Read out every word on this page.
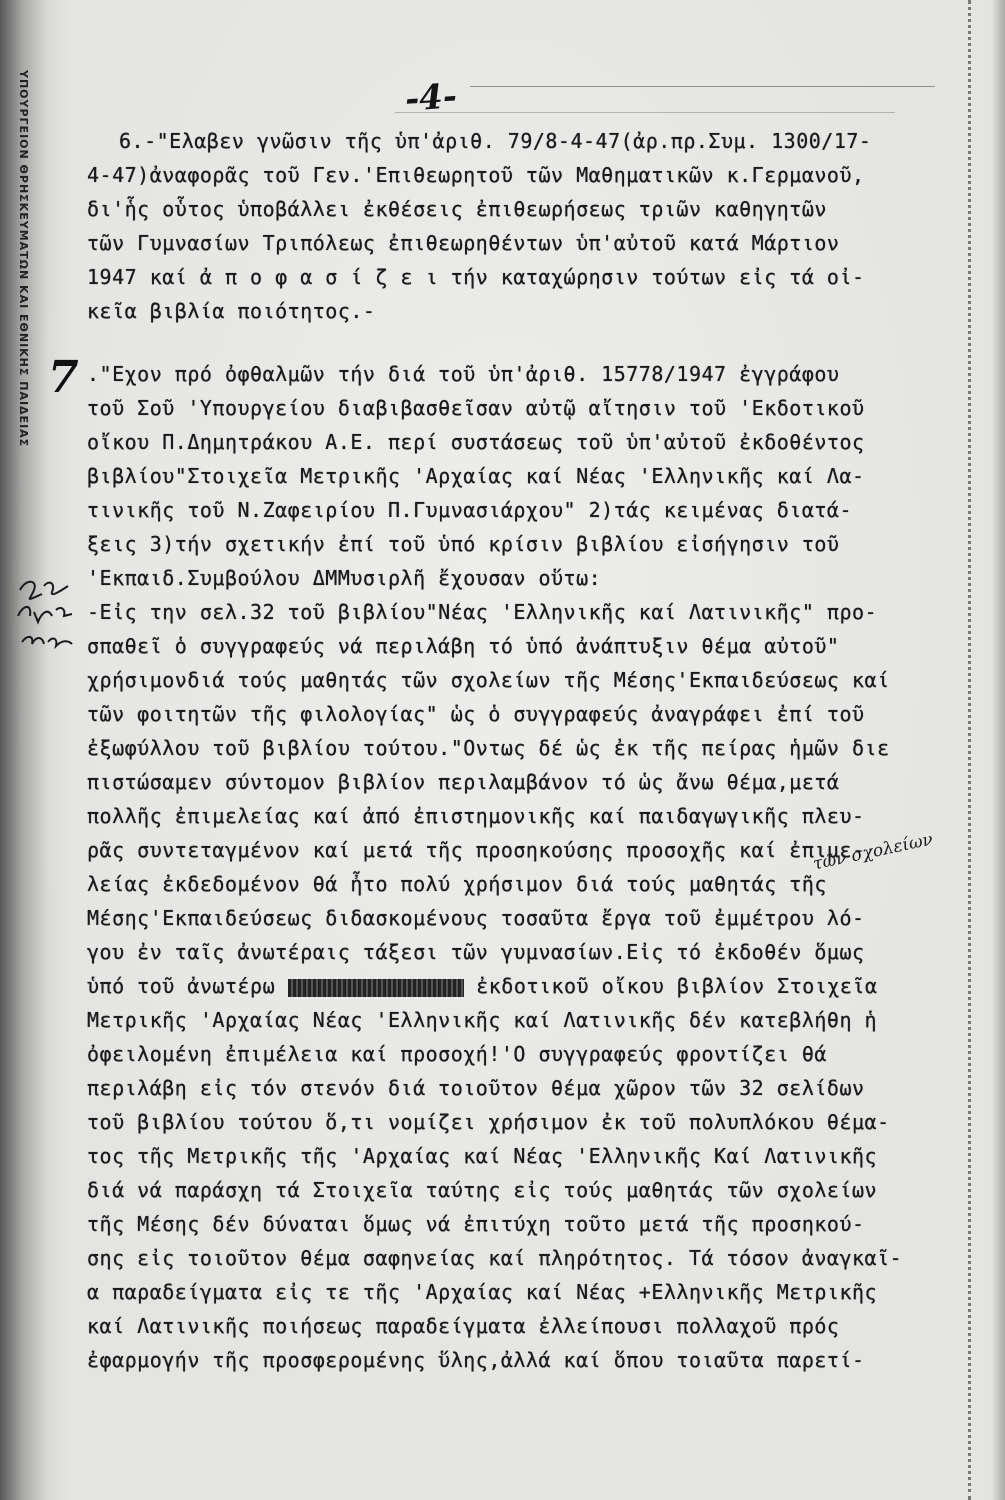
ΥΠΟΥΡΓΕΙΟΝ ΘΡΗΣΚΕΥΜΑΤΩΝ ΚΑΙ ΕΘΝΙΚΗΣ ΠΑΙΔΕΙΑΣ	-4-
6.-"Ελαβεν γνῶσιν τῆς ὑπ'ἀριθ. 79/8-4-47(ἀρ.πρ.Συμ. 1300/17-
4-47)ἀναφορᾶς τοῦ Γεν.'Επιθεωρητοῦ τῶν Μαθηματικῶν κ.Γερμανοῦ,
δι'ἧς οὗτος ὑποβάλλει ἐκθέσεις ἐπιθεωρήσεως τριῶν καθηγητῶν
τῶν Γυμνασίων Τριπόλεως ἐπιθεωρηθέντων ὑπ'αὐτοῦ κατά Μάρτιον
1947 καί ἀ π ο φ α σ ί ζ ε ι τήν καταχώρησιν τούτων εἰς τά οἰ-
κεῖα βιβλία ποιότητος.-
7 ."Εχον πρό ὀφθαλμῶν τήν διά τοῦ ὑπ'ἀριθ. 15778/1947 ἐγγράφου
τοῦ Σοῦ 'Υπουργείου διαβιβασθεῖσαν αὐτῷ αἴτησιν τοῦ 'Εκδοτικοῦ
οἴκου Π.Δημητράκου Α.Ε. περί συστάσεως τοῦ ὑπ'αὐτοῦ ἐκδοθέντος
βιβλίου"Στοιχεῖα Μετρικῆς 'Αρχαίας καί Νέας 'Ελληνικῆς καί Λα-
τινικῆς τοῦ Ν.Ζαφειρίου Π.Γυμνασιάρχου" 2)τάς κειμένας διατά-
ξεις 3)τήν σχετικήν ἐπί τοῦ ὑπό κρίσιν βιβλίου εἰσήγησιν τοῦ
'Εκπαιδ.Συμβούλου ΔΜΜυσιρλῆ ἔχουσαν οὕτω:
-Εἰς την σελ.32 τοῦ βιβλίου"Νέας 'Ελληνικῆς καί Λατινικῆς" προ-
σπαθεῖ ὁ συγγραφεύς νά περιλάβη τό ὑπό ἀνάπτυξιν θέμα αὐτοῦ"
χρήσιμονδιά τούς μαθητάς τῶν σχολείων τῆς Μέσης'Εκπαιδεύσεως καί
τῶν φοιτητῶν τῆς φιλολογίας" ὡς ὁ συγγραφεύς ἀναγράφει ἐπί τοῦ
ἐξωφύλλου τοῦ βιβλίου τούτου."Οντως δέ ὡς ἐκ τῆς πείρας ἡμῶν διε
πιστώσαμεν σύντομον βιβλίον περιλαμβάνον τό ὡς ἄνω θέμα,μετά
πολλῆς ἐπιμελείας καί ἀπό ἐπιστημονικῆς καί παιδαγωγικῆς πλευ-
ρᾶς συντεταγμένον καί μετά τῆς προσηκούσης προσοχῆς καί ἐπιμε-
λείας ἐκδεδομένον θά ἦτο πολύ χρήσιμον διά τούς μαθητάς τῆς
Μέσης'Εκπαιδεύσεως διδασκομένους τοσαῦτα ἔργα τοῦ ἐμμέτρου λό-
γου ἐν ταῖς ἀνωτέραις τάξεσι τῶν γυμνασίων.Εἰς τό ἐκδοθέν ὅμως
ὑπό τοῦ ἀνωτέρω	ἐκδοτικοῦ οἴκου βιβλίον Στοιχεῖα
Μετρικῆς 'Αρχαίας Νέας 'Ελληνικῆς καί Λατινικῆς δέν κατεβλήθη ἡ
ὀφειλομένη ἐπιμέλεια καί προσοχή!'Ο συγγραφεύς φροντίζει θά
περιλάβη εἰς τόν στενόν διά τοιοῦτον θέμα χῶρον τῶν 32 σελίδων
τοῦ βιβλίου τούτου ὅ,τι νομίζει χρήσιμον ἐκ τοῦ πολυπλόκου θέμα-
τος τῆς Μετρικῆς τῆς 'Αρχαίας καί Νέας 'Ελληνικῆς Καί Λατινικῆς
διά νά παράσχη τά Στοιχεῖα ταύτης εἰς τούς μαθητάς τῶν σχολείων
τῆς Μέσης δέν δύναται ὅμως νά ἐπιτύχη τοῦτο μετά τῆς προσηκού-
σης εἰς τοιοῦτον θέμα σαφηνείας καί πληρότητος. Τά τόσον ἀναγκαῖ-
α παραδείγματα εἰς τε τῆς 'Αρχαίας καί Νέας +Ελληνικῆς Μετρικῆς
καί Λατινικῆς ποιήσεως παραδείγματα ἐλλείπουσι πολλαχοῦ πρός
ἐφαρμογήν τῆς προσφερομένης ὕλης,ἀλλά καί ὅπου τοιαῦτα παρετί-
τῶν σχολείων
